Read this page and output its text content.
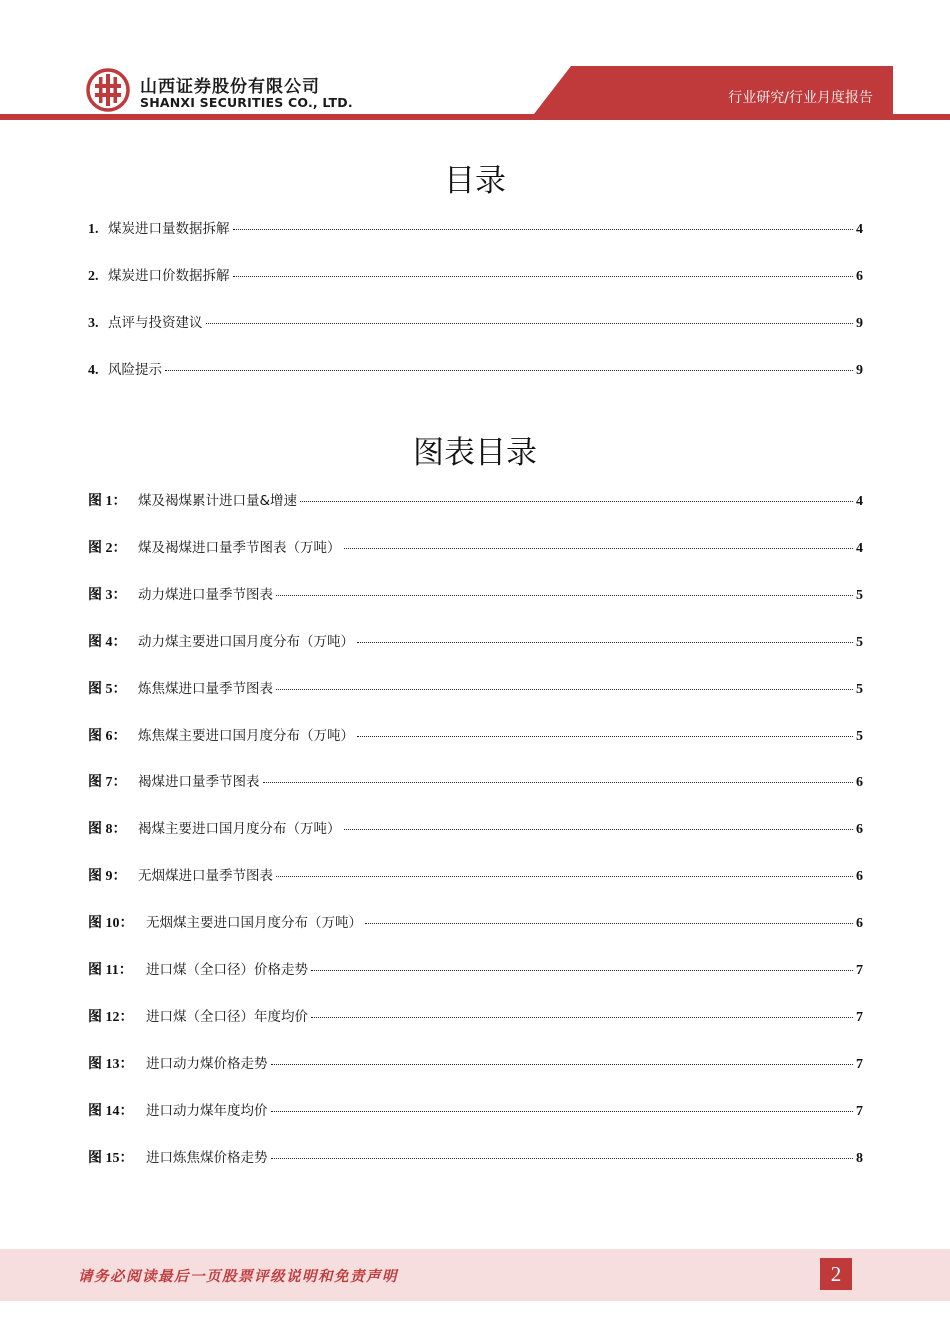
山西证券股份有限公司
SHANXI SECURITIES CO., LTD.	行业研究/行业月度报告
目录
1. 煤炭进口量数据拆解	4
2. 煤炭进口价数据拆解	6
3. 点评与投资建议	9
4. 风险提示	9
图表目录
图 1： 煤及褐煤累计进口量&增速	4
图 2： 煤及褐煤进口量季节图表（万吨）	4
图 3： 动力煤进口量季节图表	5
图 4： 动力煤主要进口国月度分布（万吨）	5
图 5： 炼焦煤进口量季节图表	5
图 6： 炼焦煤主要进口国月度分布（万吨）	5
图 7： 褐煤进口量季节图表	6
图 8： 褐煤主要进口国月度分布（万吨）	6
图 9： 无烟煤进口量季节图表	6
图 10： 无烟煤主要进口国月度分布（万吨）	6
图 11： 进口煤（全口径）价格走势	7
图 12： 进口煤（全口径）年度均价	7
图 13： 进口动力煤价格走势	7
图 14： 进口动力煤年度均价	7
图 15： 进口炼焦煤价格走势	8
请务必阅读最后一页股票评级说明和免责声明	2
